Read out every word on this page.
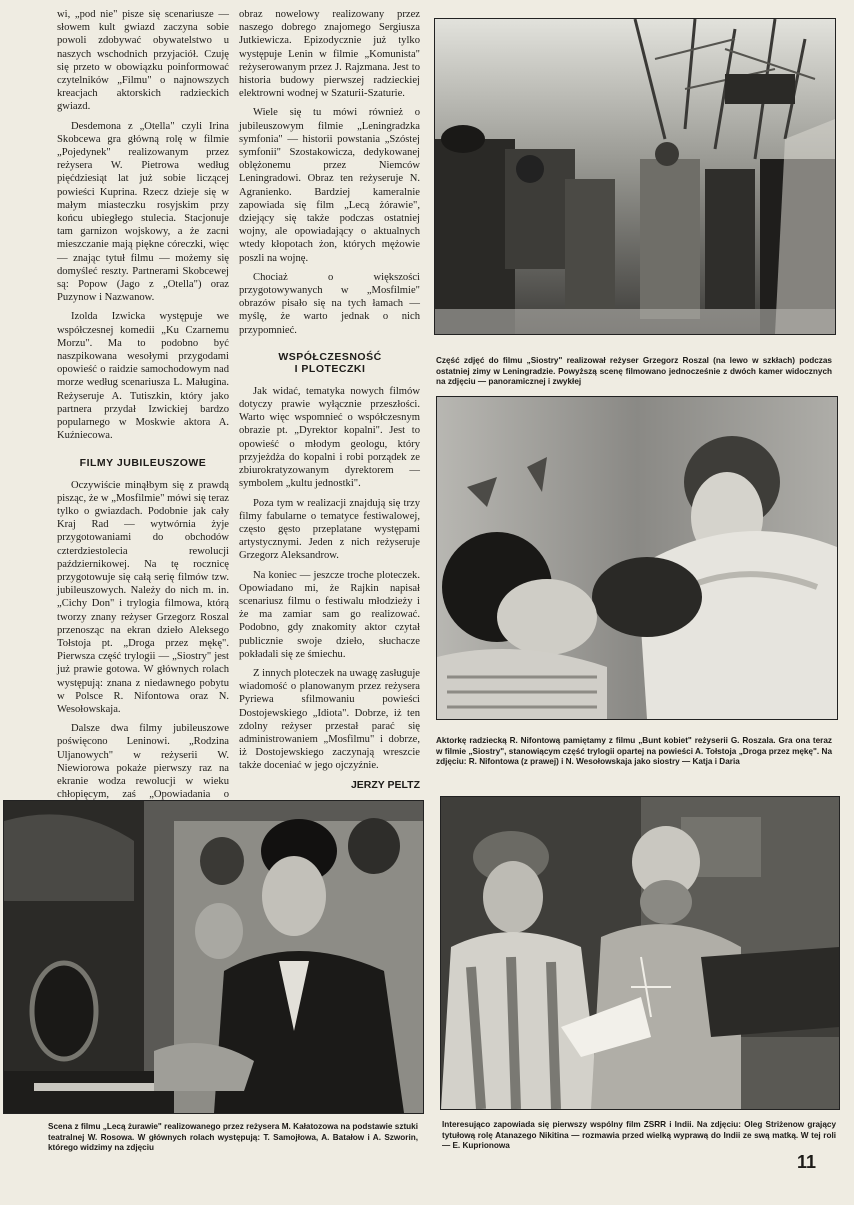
wi, „pod nie" pisze się scenariusze — słowem kult gwiazd zaczyna sobie powoli zdobywać obywatelstwo u naszych wschodnich przyjaciół. Czuję się przeto w obowiązku poinformować czytelników „Filmu" o najnowszych kreacjach aktorskich radzieckich gwiazd.

Desdemona z „Otella" czyli Irina Skobcewa gra główną rolę w filmie „Pojedynek" realizowanym przez reżysera W. Pietrowa według pięćdziesiąt lat już sobie liczącej powieści Kuprina. Rzecz dzieje się w małym miasteczku rosyjskim przy końcu ubiegłego stulecia. Stacjonuje tam garnizon wojskowy, a że zacni mieszczanie mają piękne córeczki, więc — znając tytuł filmu — możemy się domyśleć reszty. Partnerami Skobcewej są: Popow (Jago z „Otella") oraz Puzynow i Nazwanow.

Izolda Izwicka występuje we współczesnej komedii „Ku Czarnemu Morzu". Ma to podobno być naszpikowana wesołymi przygodami opowieść o raidzie samochodowym nad morze według scenariusza L. Maługina. Reżyseruje A. Tutiszkin, który jako partnera przydał Izwickiej bardzo popularnego w Moskwie aktora A. Kuźniecowa.

FILMY JUBILEUSZOWE

Oczywiście minąłbym się z prawdą pisząc, że w „Mosfilmie" mówi się teraz tylko o gwiazdach. Podobnie jak cały Kraj Rad — wytwórnia żyje przygotowaniami do obchodów czterdziestolecia rewolucji październikowej. Na tę rocznicę przygotowuje się całą serię filmów tzw. jubileuszowych. Należy do nich m. in. „Cichy Don" i trylogia filmowa, którą tworzy znany reżyser Grzegorz Roszal przenosząc na ekran dzieło Aleksego Tołstoja pt. „Droga przez mękę". Pierwsza część trylogii — „Siostry" jest już prawie gotowa. W głównych rolach występują: znana z niedawnego pobytu w Polsce R. Nifontowa oraz N. Wesołowskaja.

Dalsze dwa filmy jubileuszowe poświęcono Leninowi. „Rodzina Uljanowych" w reżyserii W. Niewiorowa pokaże pierwszy raz na ekranie wodza rewolucji w wieku chłopięcym, zaś „Opowiadania o

obraz nowelowy realizowany przez naszego dobrego znajomego Sergiusza Jutkiewicza. Epizodycznie już tylko występuje Lenin w filmie „Komunista" reżyserowanym przez J. Rajzmana. Jest to historia budowy pierwszej radzieckiej elektrowni wodnej w Szaturii-Szaturie.

Wiele się tu mówi również o jubileuszowym filmie „Leningradzka symfonia" — historii powstania „Szóstej symfonii" Szostakowicza, dedykowanej oblężonemu przez Niemców Leningradowi. Obraz ten reżyseruje N. Agranienko. Bardziej kameralnie zapowiada się film „Lecą żórawie", dziejący się także podczas ostatniej wojny, ale opowiadający o aktualnych wtedy kłopotach żon, których mężowie poszli na wojnę.

Chociaż o większości przygotowywanych w „Mosfilmie" obrazów pisało się na tych łamach — myślę, że warto jednak o nich przypomnieć.

WSPÓŁCZESNOŚĆ I PLOTECZKI

Jak widać, tematyka nowych filmów dotyczy prawie wyłącznie przeszłości. Warto więc wspomnieć o współczesnym obrazie pt. „Dyrektor kopalni". Jest to opowieść o młodym geologu, który przyjeżdża do kopalni i robi porządek ze zbiurokratyzowanym dyrektorem — symbolem „kultu jednostki".

Poza tym w realizacji znajdują się trzy filmy fabularne o tematyce festiwalowej, często gęsto przeplatane występami artystycznymi. Jeden z nich reżyseruje Grzegorz Aleksandrow.

Na koniec — jeszcze troche ploteczek. Opowiadano mi, że Rajkin napisał scenariusz filmu o festiwalu młodzieży i że ma zamiar sam go realizować. Podobno, gdy znakomity aktor czytał publicznie swoje dzieło, słuchacze pokładali się ze śmiechu.

Z innych ploteczek na uwagę zasługuje wiadomość o planowanym przez reżysera Pyriewa sfilmowaniu powieści Dostojewskiego „Idiota". Dobrze, iż ten zdolny reżyser przestał parać się administrowaniem „Mosfilmu" i dobrze, iż Dostojewskiego zaczynają wreszcie także doceniać w jego ojczyźnie.

JERZY PELTZ
Część zdjęć do filmu „Siostry" realizował reżyser Grzegorz Roszal (na lewo w szkłach) podczas ostatniej zimy w Leningradzie. Powyższą scenę filmowano jednocześnie z dwóch kamer widocznych na zdjęciu — panoramicznej i zwykłej
Aktorkę radziecką R. Nifontową pamiętamy z filmu „Bunt kobiet" reżyserii G. Roszala. Gra ona teraz w filmie „Siostry", stanowiącym część trylogii opartej na powieści A. Tołstoja „Droga przez mękę". Na zdjęciu: R. Nifontowa (z prawej) i N. Wesołowskaja jako siostry — Katja i Daria
Scena z filmu „Lecą żurawie" realizowanego przez reżysera M. Kałatozowa na podstawie sztuki teatralnej W. Rosowa. W głównych rolach występują: T. Samojłowa, A. Batałow i A. Szworin, którego widzimy na zdjęciu
Interesująco zapowiada się pierwszy wspólny film ZSRR i Indii. Na zdjęciu: Oleg Striżenow grający tytułową rolę Atanazego Nikitina — rozmawia przed wielką wyprawą do Indii ze swą matką. W tej roli — E. Kuprionowa
11
